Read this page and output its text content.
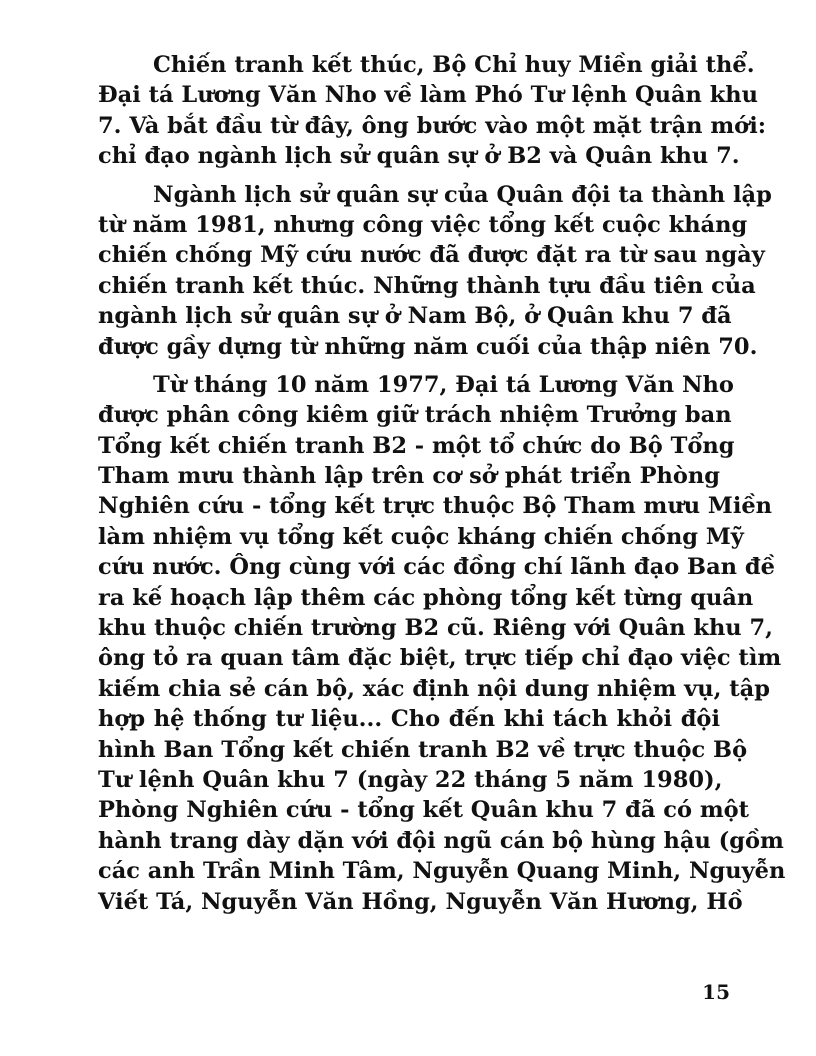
Chiến tranh kết thúc, Bộ Chỉ huy Miền giải thể.
Đại tá Lương Văn Nho về làm Phó Tư lệnh Quân khu
7. Và bắt đầu từ đây, ông bước vào một mặt trận mới:
chỉ đạo ngành lịch sử quân sự ở B2 và Quân khu 7.
Ngành lịch sử quân sự của Quân đội ta thành lập
từ năm 1981, nhưng công việc tổng kết cuộc kháng
chiến chống Mỹ cứu nước đã được đặt ra từ sau ngày
chiến tranh kết thúc. Những thành tựu đầu tiên của
ngành lịch sử quân sự ở Nam Bộ, ở Quân khu 7 đã
được gầy dựng từ những năm cuối của thập niên 70.
Từ tháng 10 năm 1977, Đại tá Lương Văn Nho
được phân công kiêm giữ trách nhiệm Trưởng ban
Tổng kết chiến tranh B2 - một tổ chức do Bộ Tổng
Tham mưu thành lập trên cơ sở phát triển Phòng
Nghiên cứu - tổng kết trực thuộc Bộ Tham mưu Miền
làm nhiệm vụ tổng kết cuộc kháng chiến chống Mỹ
cứu nước. Ông cùng với các đồng chí lãnh đạo Ban đề
ra kế hoạch lập thêm các phòng tổng kết từng quân
khu thuộc chiến trường B2 cũ. Riêng với Quân khu 7,
ông tỏ ra quan tâm đặc biệt, trực tiếp chỉ đạo việc tìm
kiếm chia sẻ cán bộ, xác định nội dung nhiệm vụ, tập
hợp hệ thống tư liệu... Cho đến khi tách khỏi đội
hình Ban Tổng kết chiến tranh B2 về trực thuộc Bộ
Tư lệnh Quân khu 7 (ngày 22 tháng 5 năm 1980),
Phòng Nghiên cứu - tổng kết Quân khu 7 đã có một
hành trang dày dặn với đội ngũ cán bộ hùng hậu (gồm
các anh Trần Minh Tâm, Nguyễn Quang Minh, Nguyễn
Viết Tá, Nguyễn Văn Hồng, Nguyễn Văn Hương, Hồ
15
